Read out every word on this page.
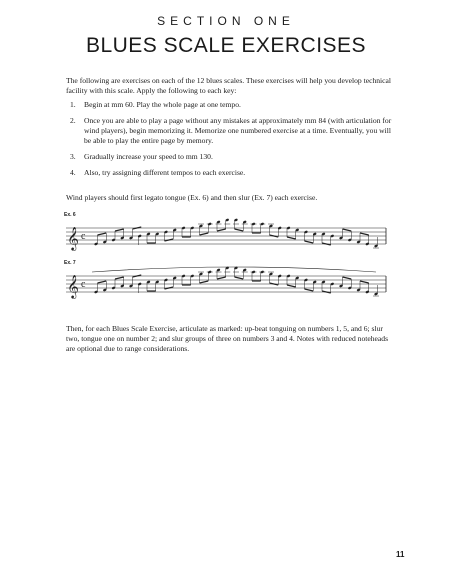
SECTION ONE
BLUES SCALE EXERCISES

The following are exercises on each of the 12 blues scales. These exercises will help you develop technical facility with this scale. Apply the following to each key:

1. Begin at mm 60. Play the whole page at one tempo.
2. Once you are able to play a page without any mistakes at approximately mm 84 (with articulation for wind players), begin memorizing it. Memorize one numbered exercise at a time. Eventually, you will be able to play the entire page by memory.
3. Gradually increase your speed to mm 130.
4. Also, try assigning different tempos to each exercise.

Wind players should first legato tongue (Ex. 6) and then slur (Ex. 7) each exercise.

Ex. 6
𝄞 c
Ex. 7
𝄞 c

Then, for each Blues Scale Exercise, articulate as marked: up-beat tonguing on numbers 1, 5, and 6; slur two, tongue one on number 2; and slur groups of three on numbers 3 and 4. Notes with reduced noteheads are optional due to range considerations.

11
